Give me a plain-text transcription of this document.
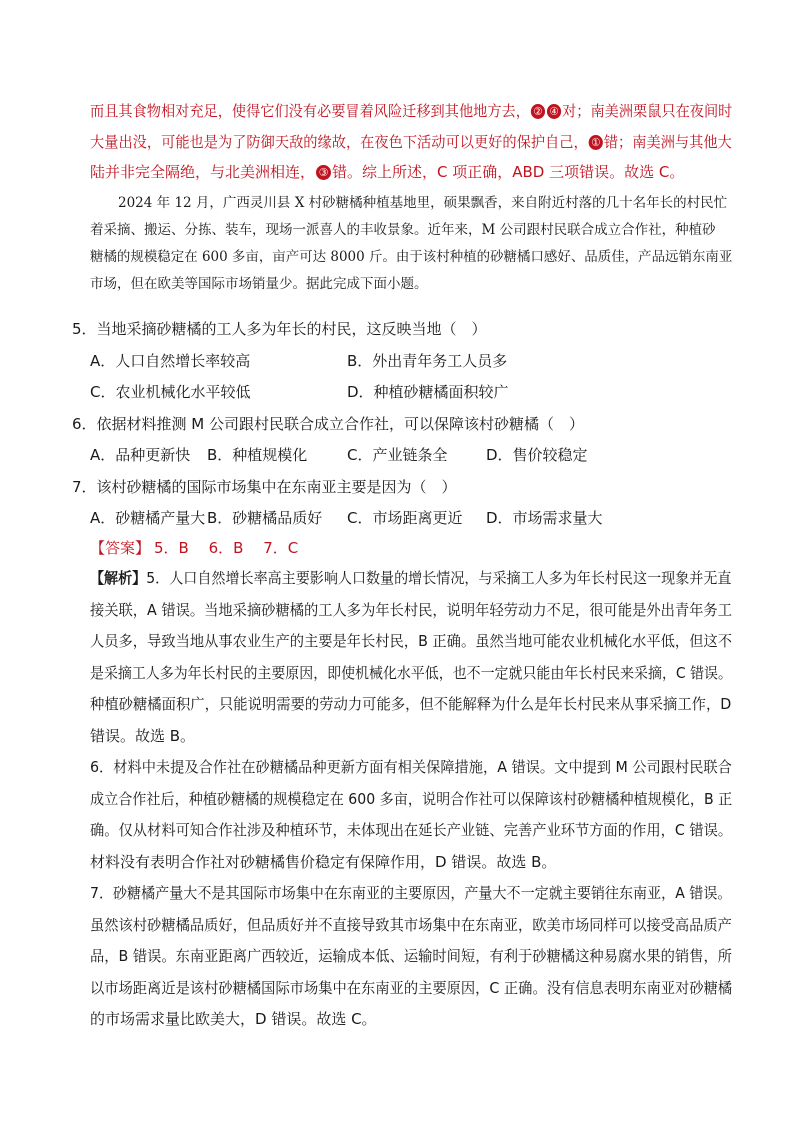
而且其食物相对充足，使得它们没有必要冒着风险迁移到其他地方去， ② ④ 对；南美洲栗鼠只在夜间时

大量出没，可能也是为了防御天敌的缘故，在夜色下活动可以更好的保护自己， ① 错；南美洲与其他大

陆并非完全隔绝，与北美洲相连， ③ 错。综上所述，C 项正确，ABD 三项错误。故选 C。

2024 年 12 月，广西灵川县 X 村砂糖橘种植基地里，硕果飘香，来自附近村落的几十名年长的村民忙

着采摘、搬运、分拣、装车，现场一派喜人的丰收景象。近年来，M 公司跟村民联合成立合作社，种植砂

糖橘的规模稳定在 600 多亩，亩产可达 8000 斤。由于该村种植的砂糖橘口感好、品质佳，产品远销东南亚

市场，但在欧美等国际市场销量少。据此完成下面小题。

5．当地采摘砂糖橘的工人多为年长的村民，这反映当地（　）
A．人口自然增长率较高	B．外出青年务工人员多
C．农业机械化水平较低	D．种植砂糖橘面积较广
6．依据材料推测 M 公司跟村民联合成立合作社，可以保障该村砂糖橘（　）
A．品种更新快 B．种植规模化	C．产业链条全	D．售价较稳定
7．该村砂糖橘的国际市场集中在东南亚主要是因为（　）
A．砂糖橘产量大 B．砂糖橘品质好 C．市场距离更近 D．市场需求量大
【答案】 5．B　 6．B　 7．C

【解析】5．人口自然增长率高主要影响人口数量的增长情况，与采摘工人多为年长村民这一现象并无直

接关联，A 错误。当地采摘砂糖橘的工人多为年长村民，说明年轻劳动力不足，很可能是外出青年务工

人员多，导致当地从事农业生产的主要是年长村民，B 正确。虽然当地可能农业机械化水平低，但这不

是采摘工人多为年长村民的主要原因，即使机械化水平低，也不一定就只能由年长村民来采摘，C 错误。

种植砂糖橘面积广，只能说明需要的劳动力可能多，但不能解释为什么是年长村民来从事采摘工作，D

错误。故选 B。

6．材料中未提及合作社在砂糖橘品种更新方面有相关保障措施，A 错误。文中提到 M 公司跟村民联合

成立合作社后，种植砂糖橘的规模稳定在 600 多亩，说明合作社可以保障该村砂糖橘种植规模化，B 正

确。仅从材料可知合作社涉及种植环节，未体现出在延长产业链、完善产业环节方面的作用，C 错误。

材料没有表明合作社对砂糖橘售价稳定有保障作用，D 错误。故选 B。

7．砂糖橘产量大不是其国际市场集中在东南亚的主要原因，产量大不一定就主要销往东南亚，A 错误。

虽然该村砂糖橘品质好，但品质好并不直接导致其市场集中在东南亚，欧美市场同样可以接受高品质产

品，B 错误。东南亚距离广西较近，运输成本低、运输时间短，有利于砂糖橘这种易腐水果的销售，所

以市场距离近是该村砂糖橘国际市场集中在东南亚的主要原因，C 正确。没有信息表明东南亚对砂糖橘

的市场需求量比欧美大，D 错误。故选 C。
